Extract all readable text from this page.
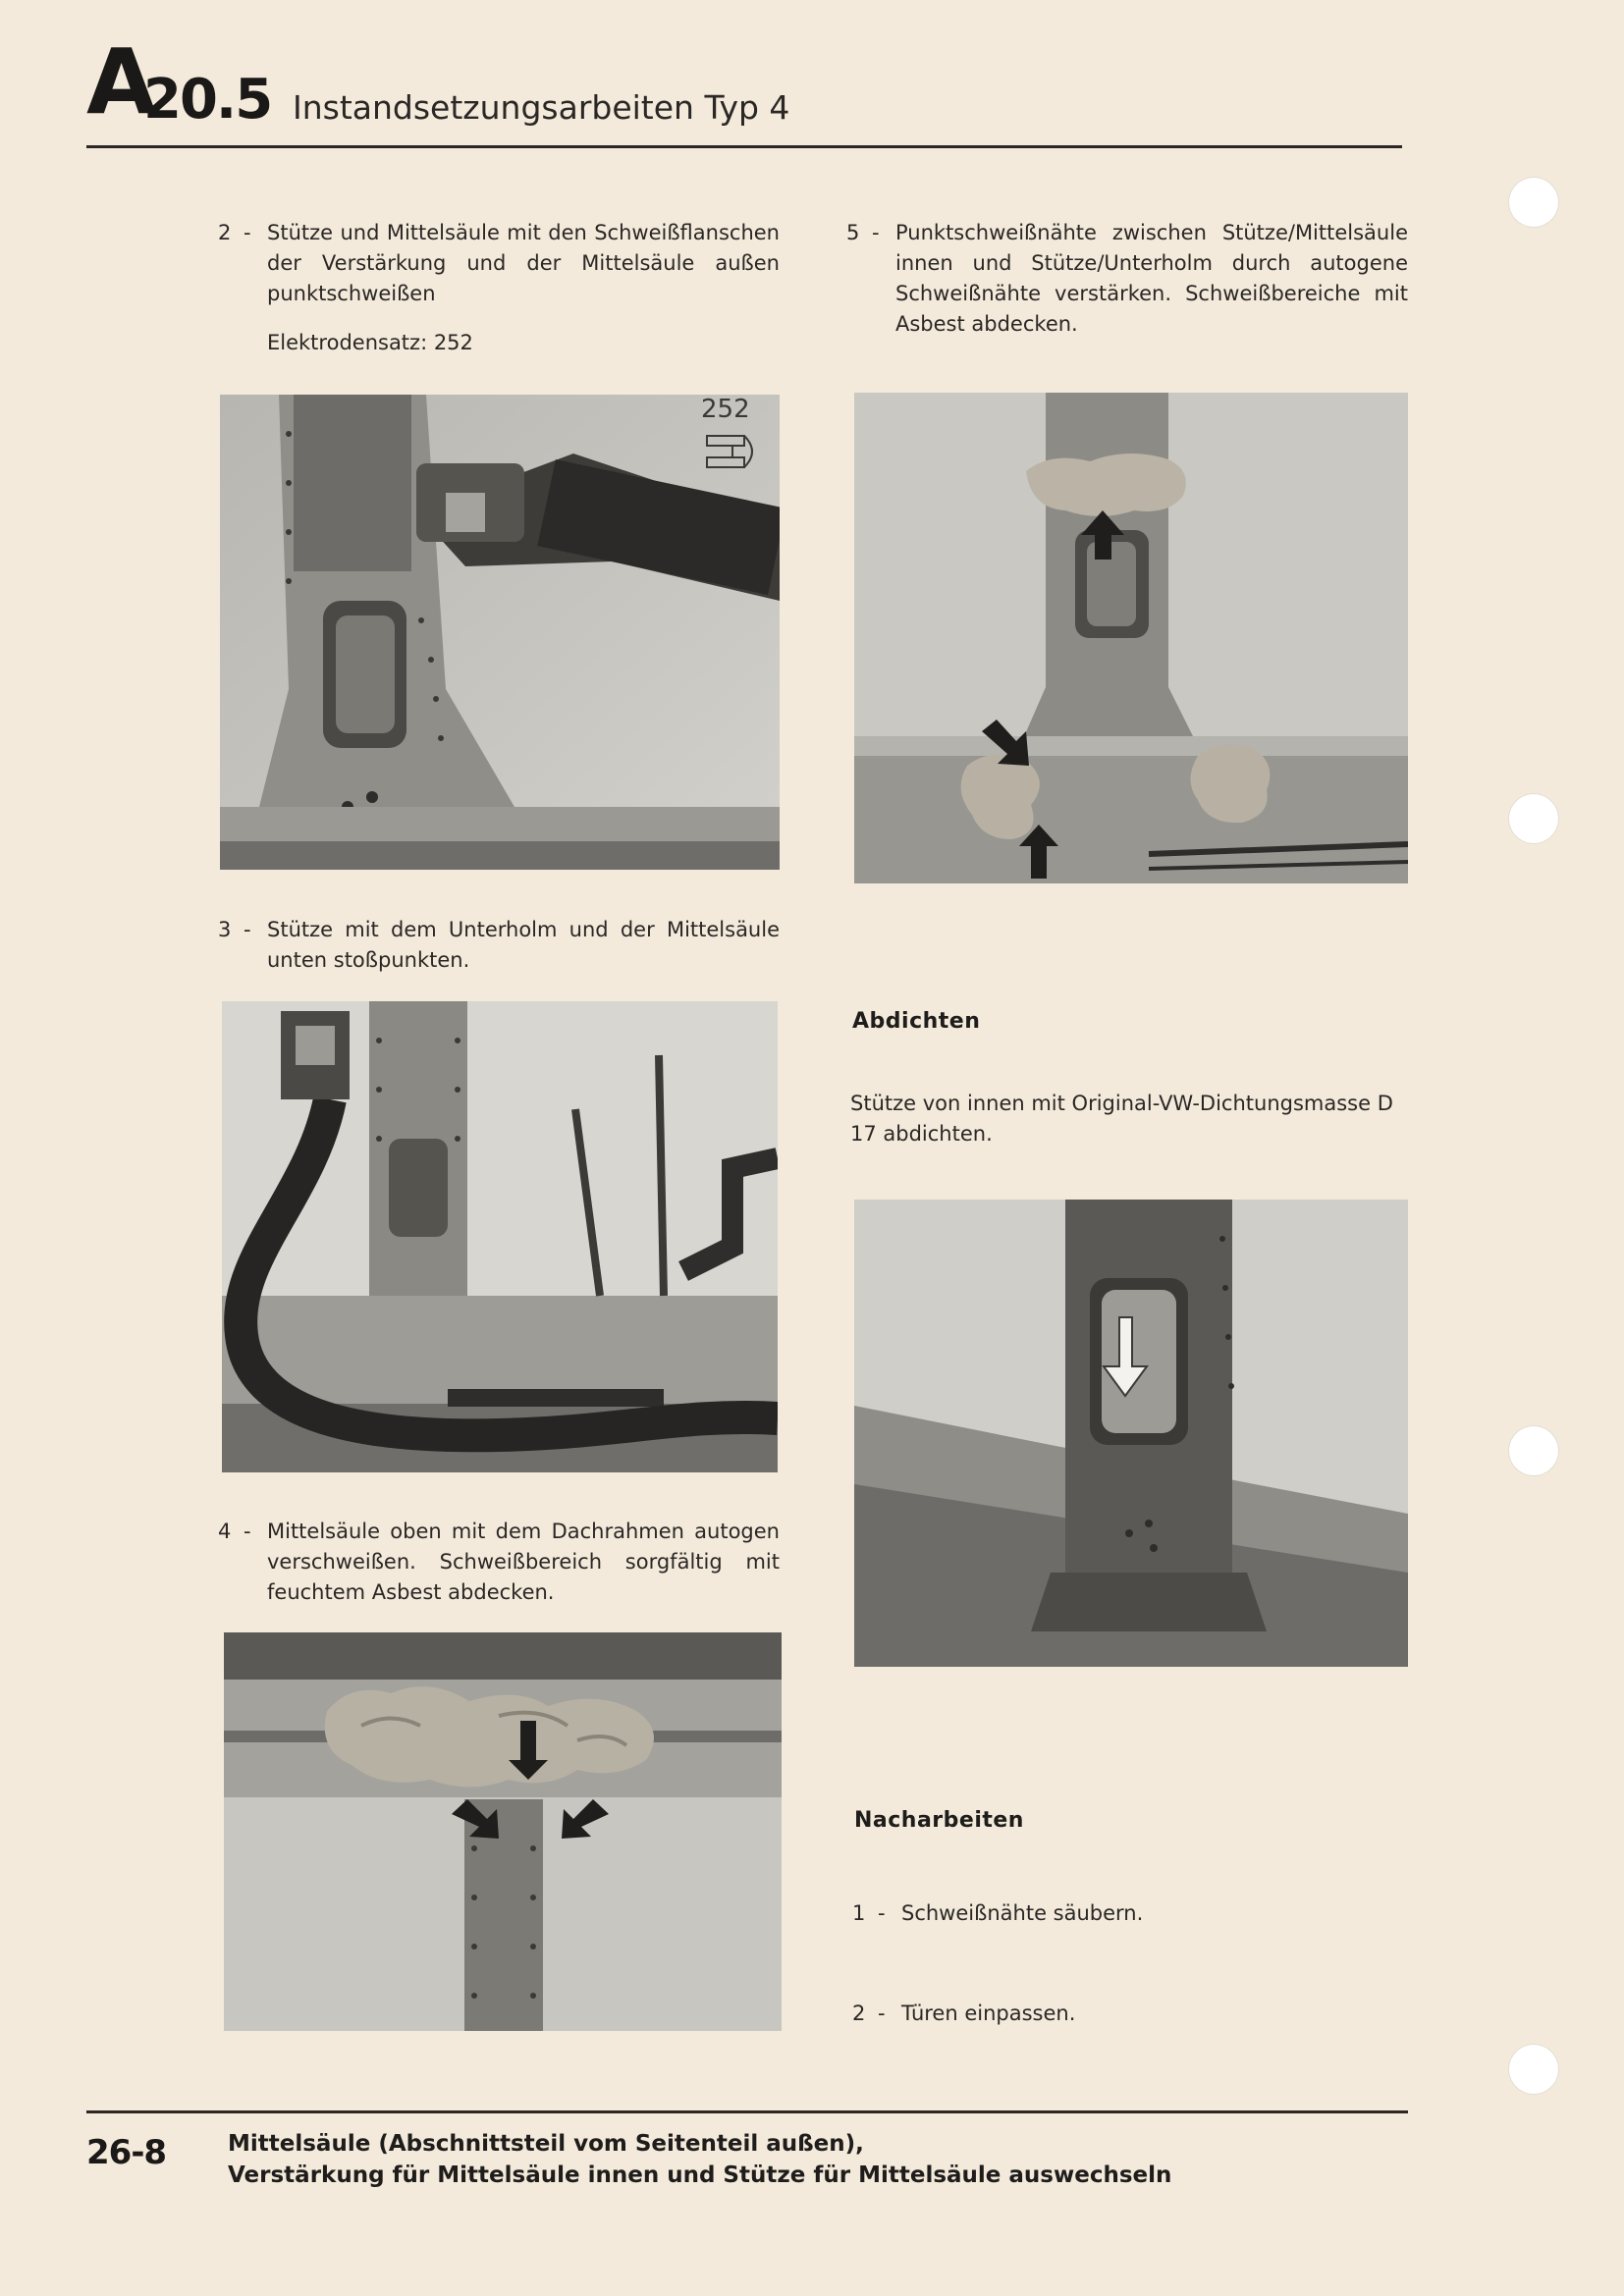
A
20.5 Instandsetzungsarbeiten Typ 4
2 - Stütze und Mittelsäule mit den Schweißflanschen der Verstärkung und der Mittelsäule außen punktschweißen
Elektrodensatz: 252
252
3 - Stütze mit dem Unterholm und der Mittelsäule unten stoßpunkten.
4 - Mittelsäule oben mit dem Dachrahmen autogen verschweißen. Schweißbereich sorgfältig mit feuchtem Asbest abdecken.
5 - Punktschweißnähte zwischen Stütze/Mittelsäule innen und Stütze/Unterholm durch autogene Schweißnähte verstärken. Schweißbereiche mit Asbest abdecken.
Abdichten
Stütze von innen mit Original-VW-Dichtungsmasse D 17 abdichten.
Nacharbeiten
1 - Schweißnähte säubern.
2 - Türen einpassen.
26-8	Mittelsäule (Abschnittsteil vom Seitenteil außen),
Verstärkung für Mittelsäule innen und Stütze für Mittelsäule auswechseln
